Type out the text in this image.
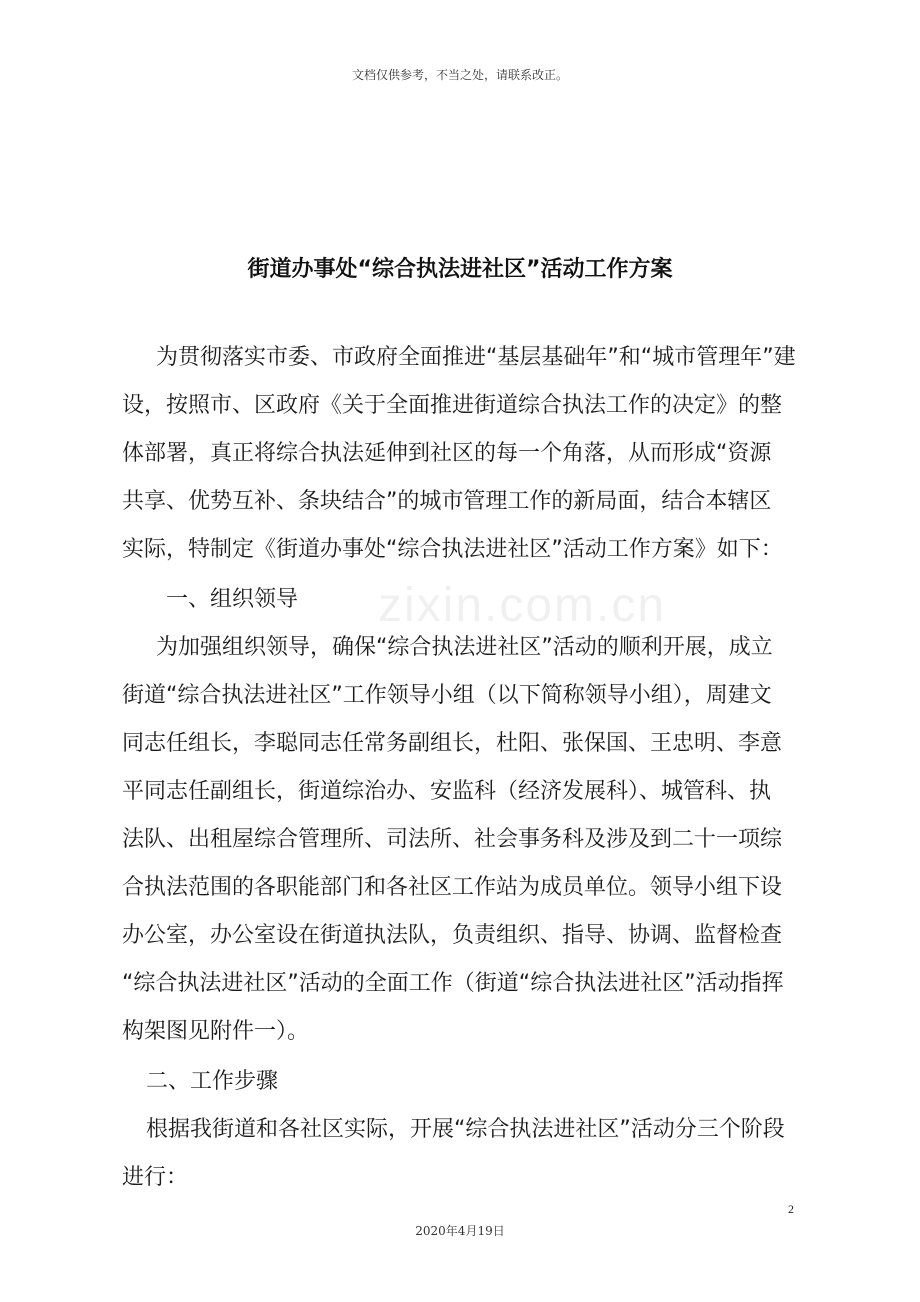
文档仅供参考，不当之处，请联系改正。
街道办事处“综合执法进社区”活动工作方案
zixin.com.cn
为贯彻落实市委、市政府全面推进“基层基础年”和“城市管理年”建
设，按照市、区政府《关于全面推进街道综合执法工作的决定》的整
体部署，真正将综合执法延伸到社区的每一个角落，从而形成“资源
共享、优势互补、条块结合”的城市管理工作的新局面，结合本辖区
实际，特制定《街道办事处“综合执法进社区”活动工作方案》如下：
一、组织领导
为加强组织领导，确保“综合执法进社区”活动的顺利开展，成立
街道“综合执法进社区”工作领导小组（以下简称领导小组），周建文
同志任组长，李聪同志任常务副组长，杜阳、张保国、王忠明、李意
平同志任副组长，街道综治办、安监科（经济发展科）、城管科、执
法队、出租屋综合管理所、司法所、社会事务科及涉及到二十一项综
合执法范围的各职能部门和各社区工作站为成员单位。领导小组下设
办公室，办公室设在街道执法队，负责组织、指导、协调、监督检查
“综合执法进社区”活动的全面工作（街道“综合执法进社区”活动指挥
构架图见附件一）。
二、工作步骤
根据我街道和各社区实际，开展“综合执法进社区”活动分三个阶段
进行：
2
2020年4月19日
